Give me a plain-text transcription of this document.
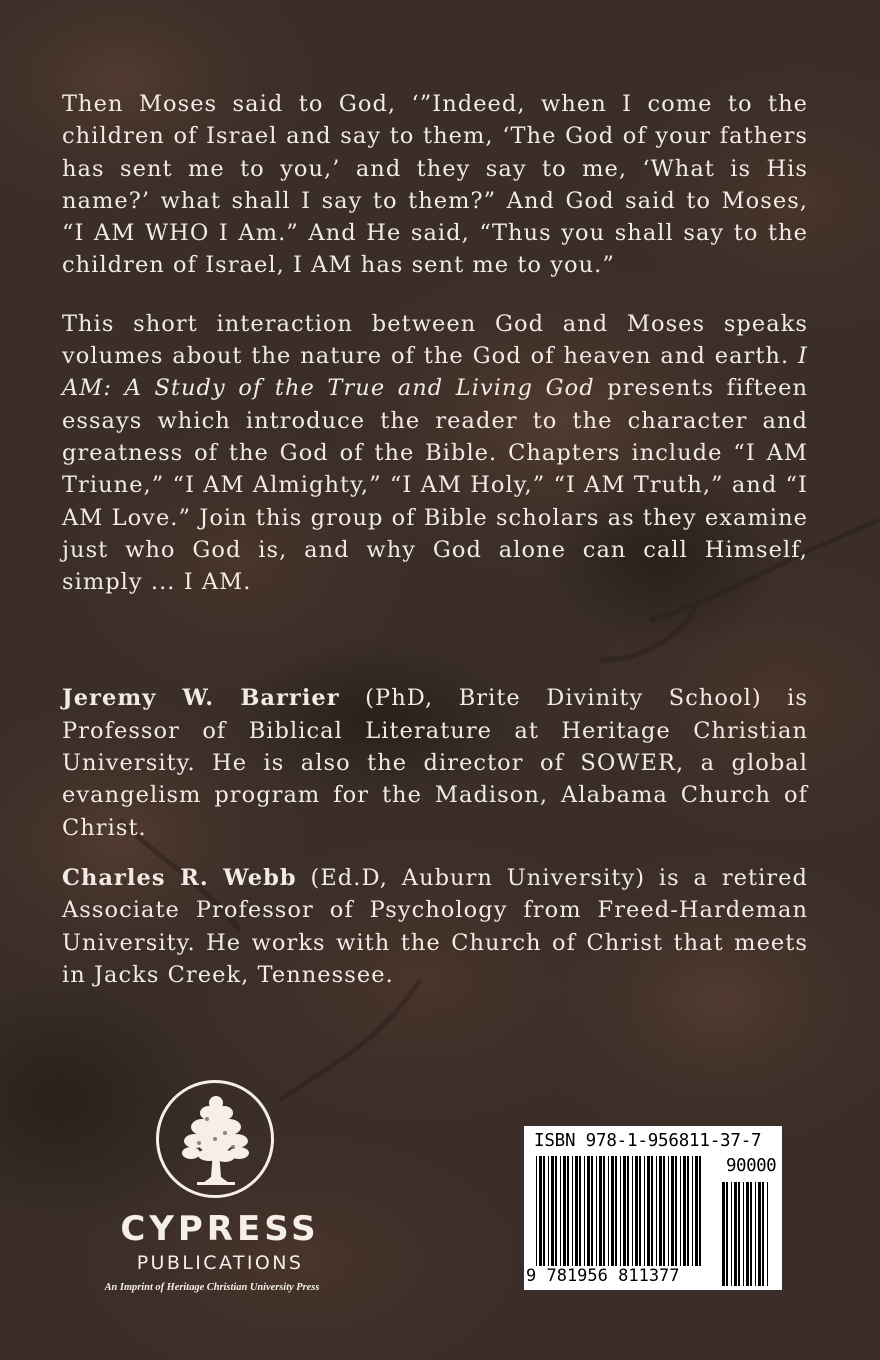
Then Moses said to God, ‘”Indeed, when I come to the children of Israel and say to them, ‘The God of your fathers has sent me to you,’ and they say to me, ‘What is His name?’ what shall I say to them?” And God said to Moses, “I AM WHO I Am.” And He said, “Thus you shall say to the children of Israel, I AM has sent me to you.”

This short interaction between God and Moses speaks volumes about the nature of the God of heaven and earth. I AM: A Study of the True and Living God presents fifteen essays which introduce the reader to the character and greatness of the God of the Bible. Chapters include “I AM Triune,” “I AM Almighty,” “I AM Holy,” “I AM Truth,” and “I AM Love.” Join this group of Bible scholars as they examine just who God is, and why God alone can call Himself, simply ... I AM.

Jeremy W. Barrier (PhD, Brite Divinity School) is Professor of Biblical Literature at Heritage Christian University. He is also the director of SOWER, a global evangelism program for the Madison, Alabama Church of Christ.

Charles R. Webb (Ed.D, Auburn University) is a retired Associate Professor of Psychology from Freed-Hardeman University. He works with the Church of Christ that meets in Jacks Creek, Tennessee.

CYPRESS
PUBLICATIONS
An Imprint of Heritage Christian University Press
ISBN 978-1-956811-37-7
90000
9 781956 811377
